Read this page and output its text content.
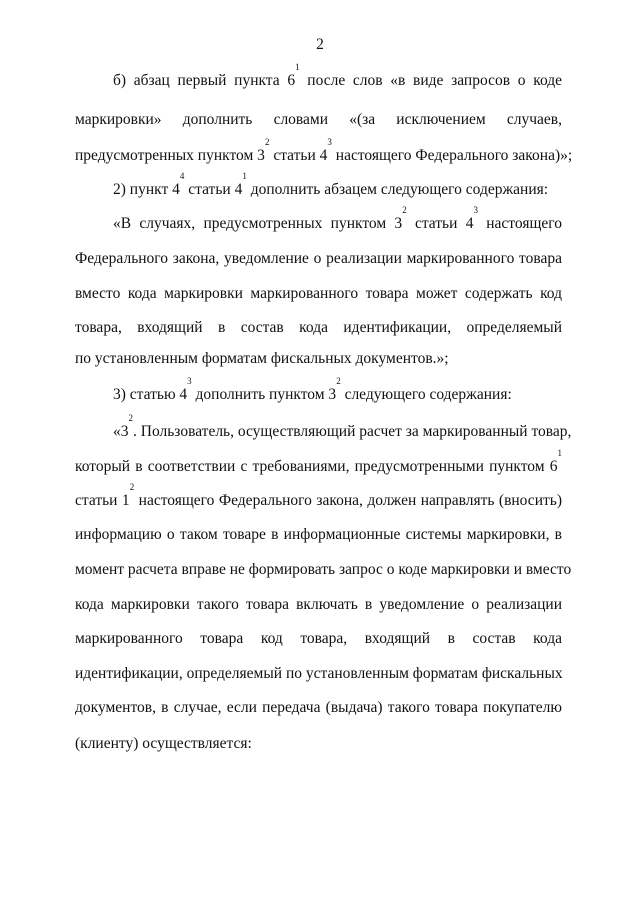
2
б) абзац первый пункта $6^1$ после слов «в виде запросов о коде
маркировки» дополнить словами «(за исключением случаев,
предусмотренных пунктом $3^2$ статьи $4^3$ настоящего Федерального закона)»;
2) пункт $4^4$ статьи $4^1$ дополнить абзацем следующего содержания:
«В случаях, предусмотренных пунктом $3^2$ статьи $4^3$ настоящего
Федерального закона, уведомление о реализации маркированного товара
вместо кода маркировки маркированного товара может содержать код
товара, входящий в состав кода идентификации, определяемый
по установленным форматам фискальных документов.»;
3) статью $4^3$ дополнить пунктом $3^2$ следующего содержания:
«$3^2$. Пользователь, осуществляющий расчет за маркированный товар,
который в соответствии с требованиями, предусмотренными пунктом $6^1$
статьи $1^2$ настоящего Федерального закона, должен направлять (вносить)
информацию о таком товаре в информационные системы маркировки, в
момент расчета вправе не формировать запрос о коде маркировки и вместо
кода маркировки такого товара включать в уведомление о реализации
маркированного товара код товара, входящий в состав кода
идентификации, определяемый по установленным форматам фискальных
документов, в случае, если передача (выдача) такого товара покупателю
(клиенту) осуществляется:
